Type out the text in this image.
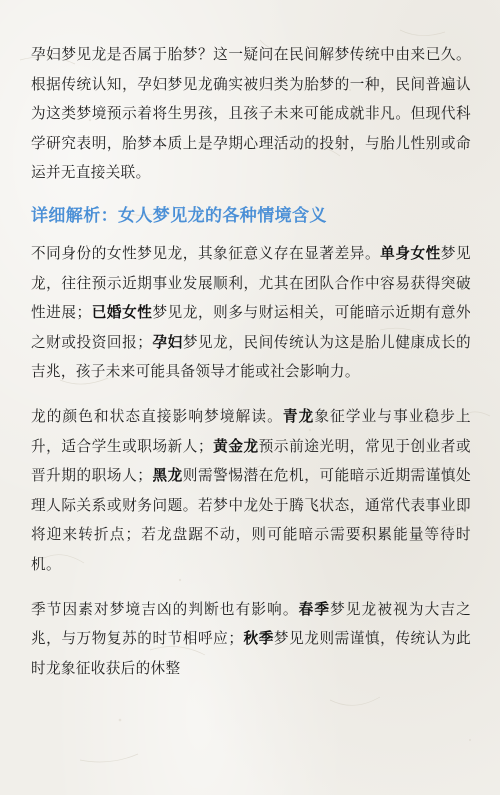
孕妇梦见龙是否属于胎梦？这一疑问在民间解梦传统中由来已久。根据传统认知，孕妇梦见龙确实被归类为胎梦的一种，民间普遍认为这类梦境预示着将生男孩，且孩子未来可能成就非凡。但现代科学研究表明，胎梦本质上是孕期心理活动的投射，与胎儿性别或命运并无直接关联。

详细解析：女人梦见龙的各种情境含义

不同身份的女性梦见龙，其象征意义存在显著差异。单身女性梦见龙，往往预示近期事业发展顺利，尤其在团队合作中容易获得突破性进展；已婚女性梦见龙，则多与财运相关，可能暗示近期有意外之财或投资回报；孕妇梦见龙，民间传统认为这是胎儿健康成长的吉兆，孩子未来可能具备领导才能或社会影响力。

龙的颜色和状态直接影响梦境解读。青龙象征学业与事业稳步上升，适合学生或职场新人；黄金龙预示前途光明，常见于创业者或晋升期的职场人；黑龙则需警惕潜在危机，可能暗示近期需谨慎处理人际关系或财务问题。若梦中龙处于腾飞状态，通常代表事业即将迎来转折点；若龙盘踞不动，则可能暗示需要积累能量等待时机。

季节因素对梦境吉凶的判断也有影响。春季梦见龙被视为大吉之兆，与万物复苏的时节相呼应；秋季梦见龙则需谨慎，传统认为此时龙象征收获后的休整
